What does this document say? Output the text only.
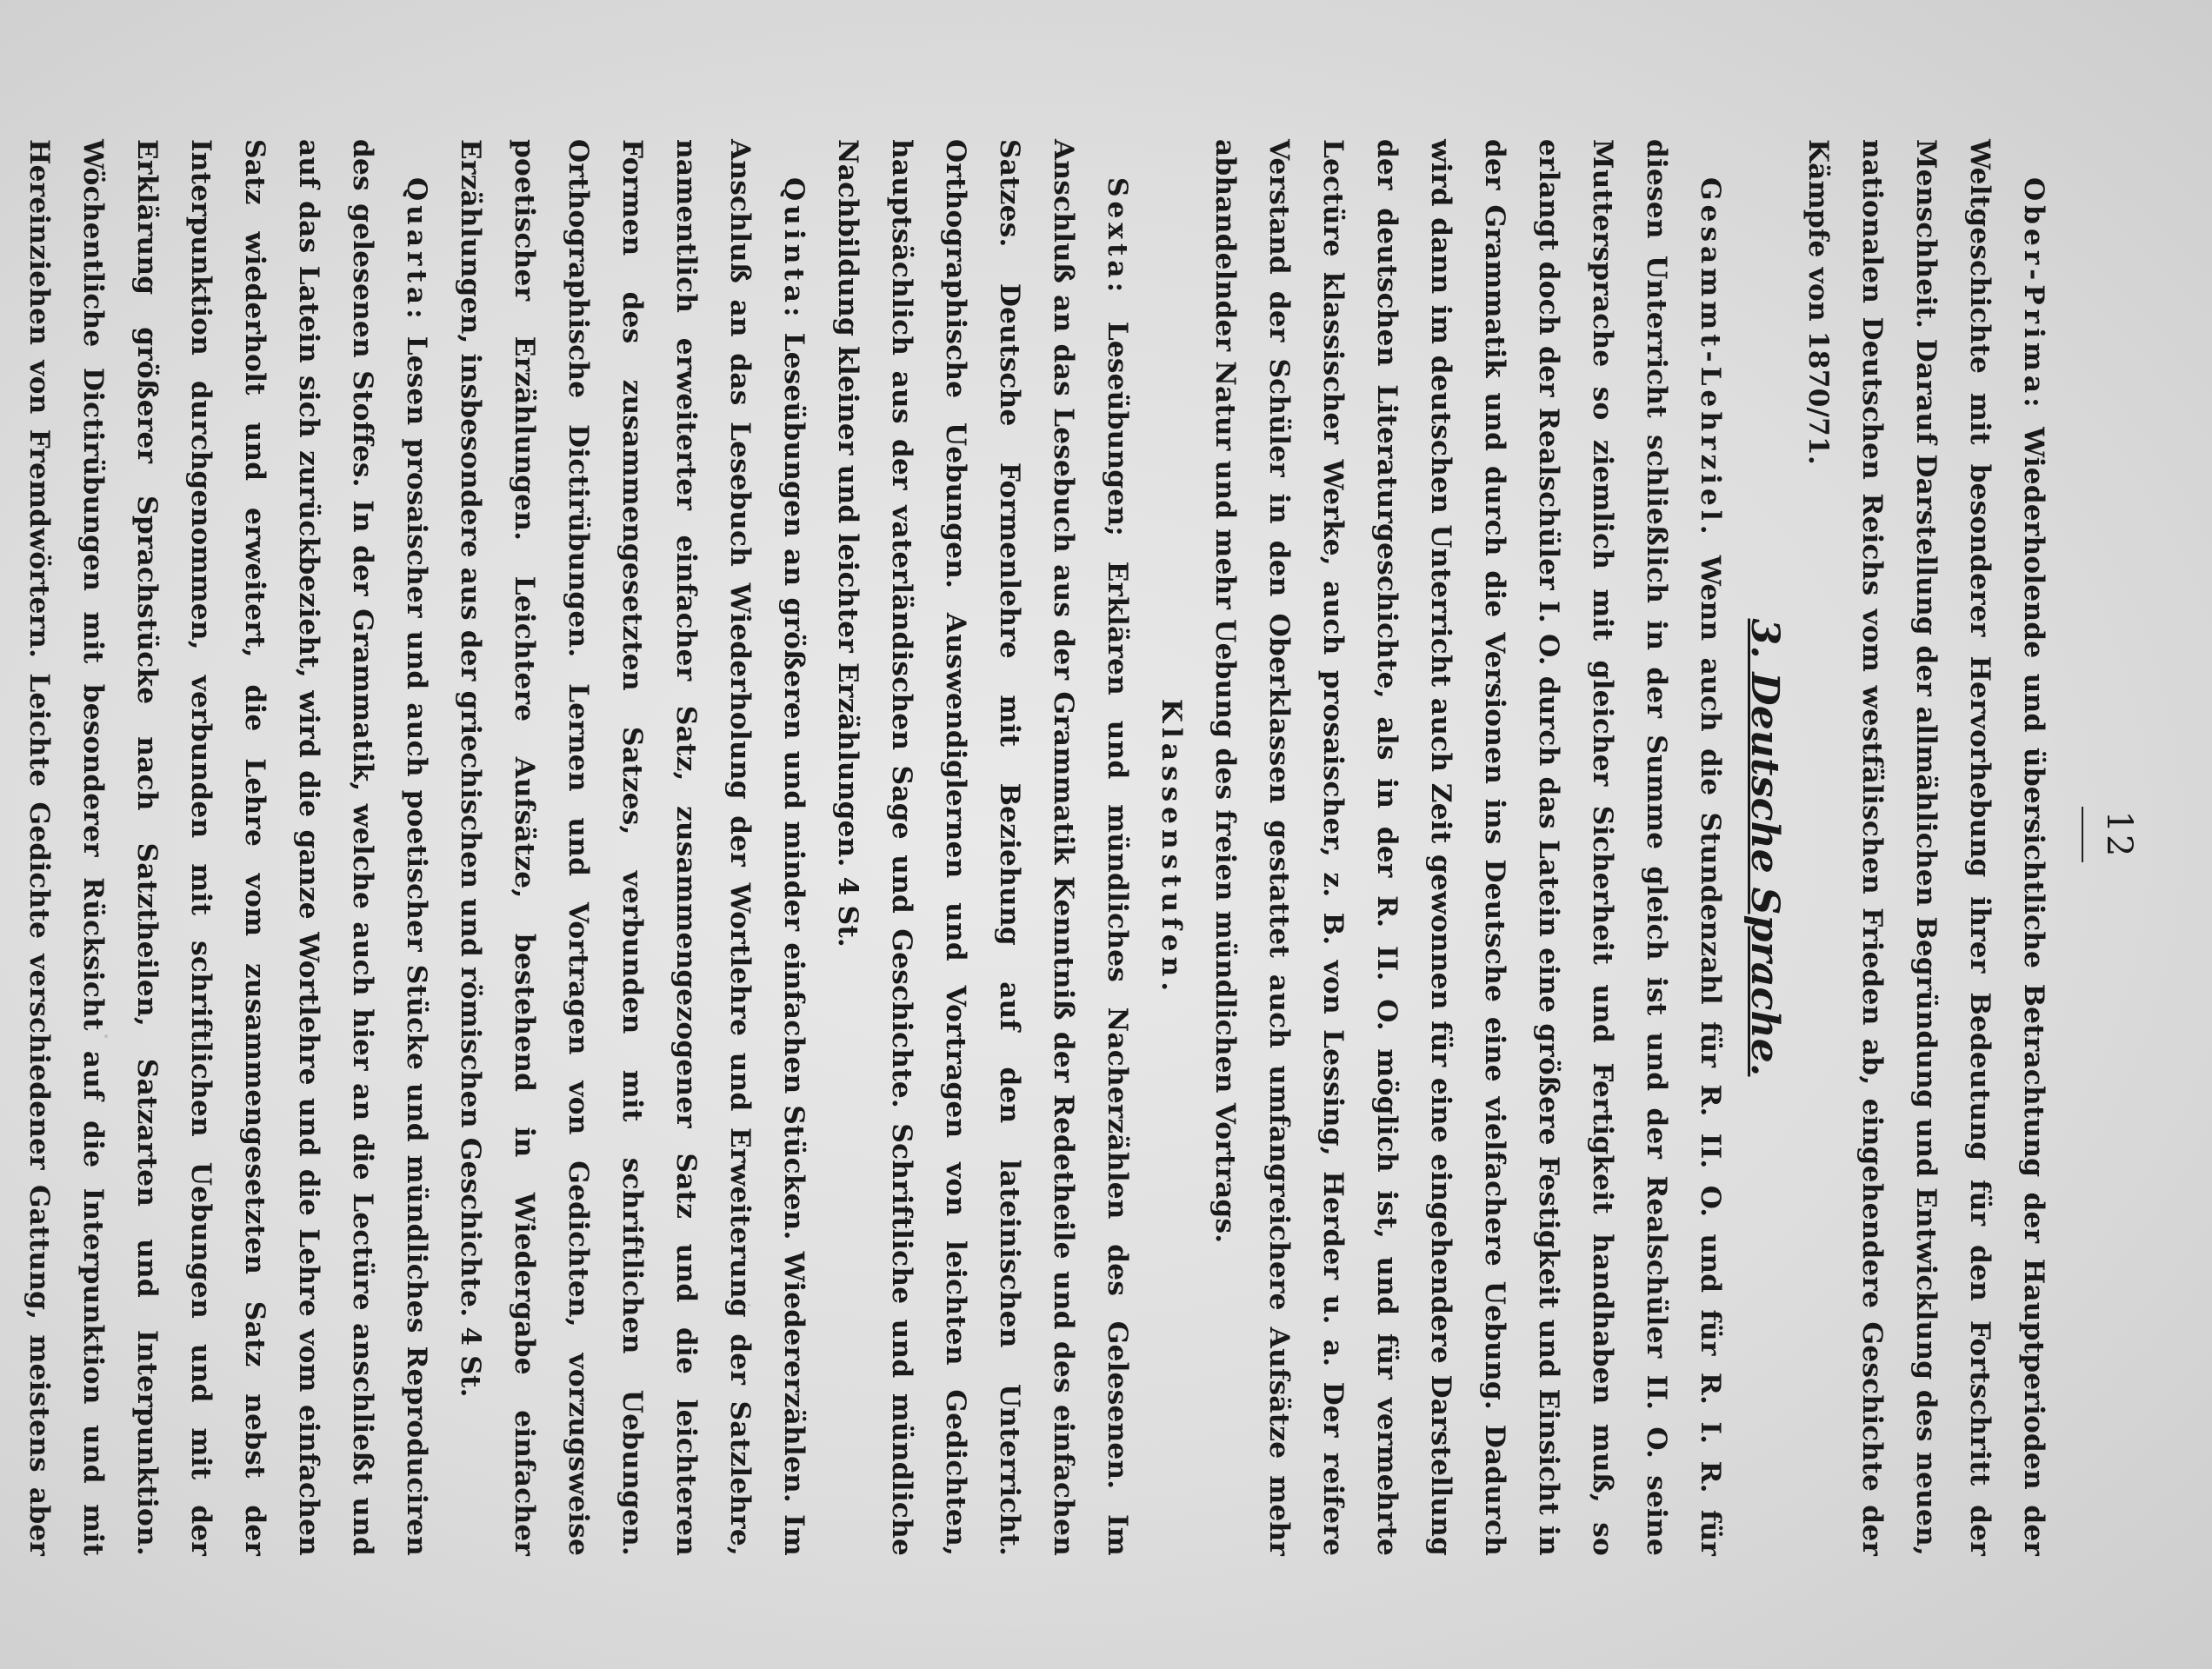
12

Ober-Prima: Wiederholende und übersichtliche Betrachtung der Hauptperioden der Weltgeschichte mit besonderer Hervorhebung ihrer Bedeutung für den Fortschritt der Menschheit. Darauf Darstellung der allmählichen Begründung und Entwicklung des neuen, nationalen Deutschen Reichs vom westfälischen Frieden ab, eingehendere Geschichte der Kämpfe von 1870/71.

3. Deutsche Sprache.

Gesammt-Lehrziel. Wenn auch die Stundenzahl für R. II. O. und für R. I. R. für diesen Unterricht schließlich in der Summe gleich ist und der Realschüler II. O. seine Muttersprache so ziemlich mit gleicher Sicherheit und Fertigkeit handhaben muß, so erlangt doch der Realschüler I. O. durch das Latein eine größere Festigkeit und Einsicht in der Grammatik und durch die Versionen ins Deutsche eine vielfachere Uebung. Dadurch wird dann im deutschen Unterricht auch Zeit gewonnen für eine eingehendere Darstellung der deutschen Literaturgeschichte, als in der R. II. O. möglich ist, und für vermehrte Lectüre klassischer Werke, auch prosaischer, z. B. von Lessing, Herder u. a. Der reifere Verstand der Schüler in den Oberklassen gestattet auch umfangreichere Aufsätze mehr abhandelnder Natur und mehr Uebung des freien mündlichen Vortrags.

Klassenstufen.

Sexta: Leseübungen; Erklären und mündliches Nacherzählen des Gelesenen. Im Anschluß an das Lesebuch aus der Grammatik Kenntniß der Redetheile und des einfachen Satzes. Deutsche Formenlehre mit Beziehung auf den lateinischen Unterricht. Orthographische Uebungen. Auswendiglernen und Vortragen von leichten Gedichten, hauptsächlich aus der vaterländischen Sage und Geschichte. Schriftliche und mündliche Nachbildung kleiner und leichter Erzählungen. 4 St.

Quinta: Leseübungen an größeren und minder einfachen Stücken. Wiedererzählen. Im Anschluß an das Lesebuch Wiederholung der Wortlehre und Erweiterung der Satzlehre, namentlich erweiterter einfacher Satz, zusammengezogener Satz und die leichteren Formen des zusammengesetzten Satzes, verbunden mit schriftlichen Uebungen. Orthographische Dictirübungen. Lernen und Vortragen von Gedichten, vorzugsweise poetischer Erzählungen. Leichtere Aufsätze, bestehend in Wiedergabe einfacher Erzählungen, insbesondere aus der griechischen und römischen Geschichte. 4 St.

Quarta: Lesen prosaischer und auch poetischer Stücke und mündliches Reproduciren des gelesenen Stoffes. In der Grammatik, welche auch hier an die Lectüre anschließt und auf das Latein sich zurückbezieht, wird die ganze Wortlehre und die Lehre vom einfachen Satz wiederholt und erweitert, die Lehre vom zusammengesetzten Satz nebst der Interpunktion durchgenommen, verbunden mit schriftlichen Uebungen und mit der Erklärung größerer Sprachstücke nach Satztheilen, Satzarten und Interpunktion. Wöchentliche Dictirübungen mit besonderer Rücksicht auf die Interpunktion und mit Hereinziehen von Fremdwörtern. Leichte Gedichte verschiedener Gattung, meistens aber
